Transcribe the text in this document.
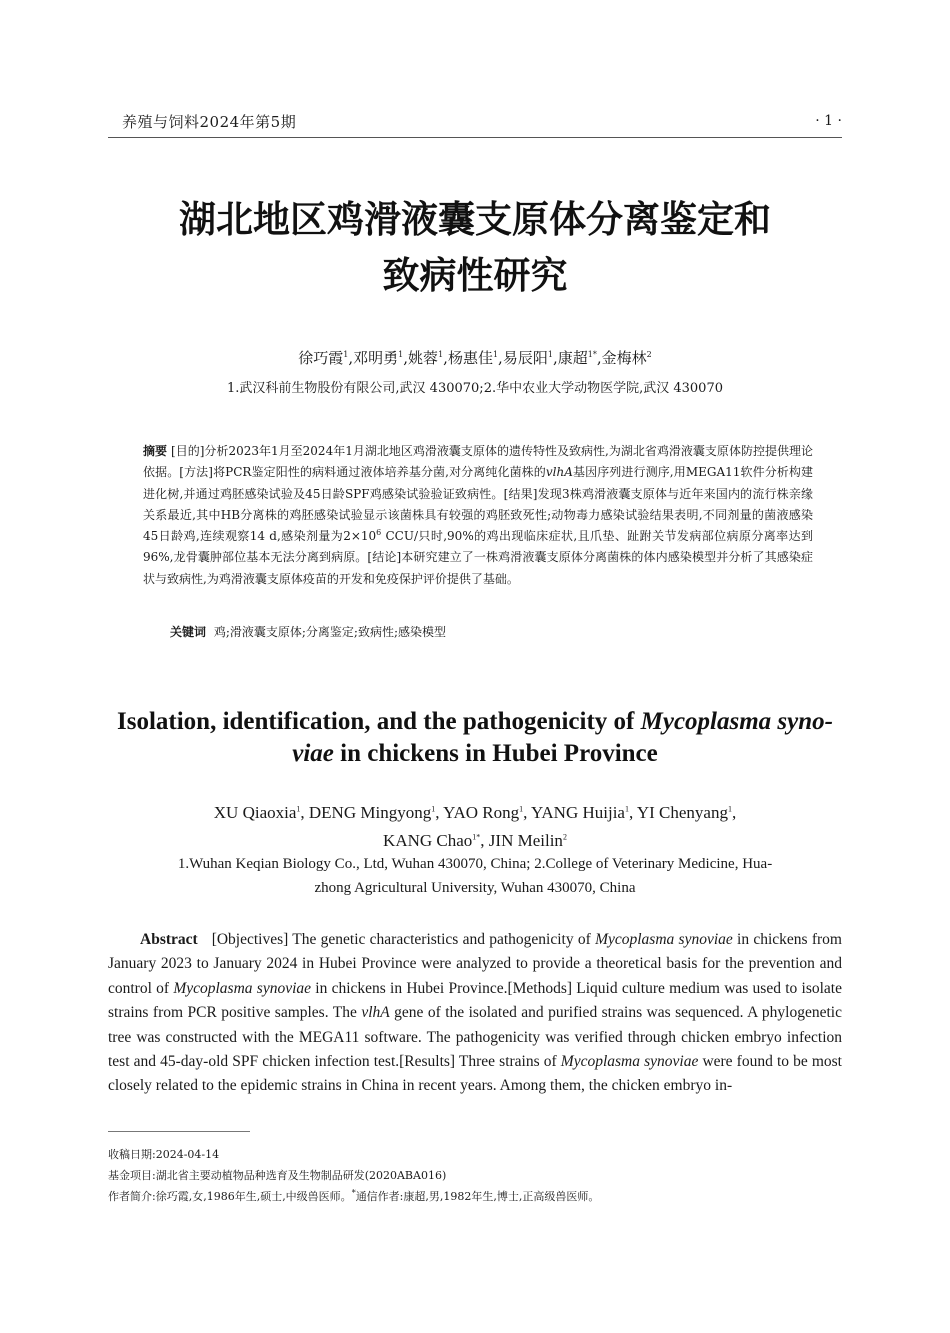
养殖与饲料2024年第5期	· 1 ·
湖北地区鸡滑液囊支原体分离鉴定和
致病性研究
徐巧霞$^1$,邓明勇$^1$,姚蓉$^1$,杨惠佳$^1$,易辰阳$^1$,康超$^{1*}$,金梅林$^2$
1.武汉科前生物股份有限公司,武汉 430070;2.华中农业大学动物医学院,武汉 430070
摘要 [目的]分析2023年1月至2024年1月湖北地区鸡滑液囊支原体的遗传特性及致病性,为湖北省鸡滑液囊支原体防控提供理论依据。[方法]将PCR鉴定阳性的病料通过液体培养基分菌,对分离纯化菌株的vlhA基因序列进行测序,用MEGA11软件分析构建进化树,并通过鸡胚感染试验及45日龄SPF鸡感染试验验证致病性。[结果]发现3株鸡滑液囊支原体与近年来国内的流行株亲缘关系最近,其中HB分离株的鸡胚感染试验显示该菌株具有较强的鸡胚致死性;动物毒力感染试验结果表明,不同剂量的菌液感染45日龄鸡,连续观察14 d,感染剂量为$2\times 10^6$ CCU/只时,90%的鸡出现临床症状,且爪垫、趾跗关节发病部位病原分离率达到96%,龙骨囊肿部位基本无法分离到病原。[结论]本研究建立了一株鸡滑液囊支原体分离菌株的体内感染模型并分析了其感染症状与致病性,为鸡滑液囊支原体疫苗的开发和免疫保护评价提供了基础。
关键词 鸡;滑液囊支原体;分离鉴定;致病性;感染模型
Isolation, identification, and the pathogenicity of Mycoplasma syno-
viae in chickens in Hubei Province
XU Qiaoxia$^1$, DENG Mingyong$^1$, YAO Rong$^1$, YANG Huijia$^1$, YI Chenyang$^1$,
KANG Chao$^{1*}$, JIN Meilin$^2$
1.Wuhan Keqian Biology Co., Ltd, Wuhan 430070, China; 2.College of Veterinary Medicine, Hua-
zhong Agricultural University, Wuhan 430070, China
Abstract [Objectives] The genetic characteristics and pathogenicity of Mycoplasma synoviae in chickens from January 2023 to January 2024 in Hubei Province were analyzed to provide a theoretical basis for the prevention and control of Mycoplasma synoviae in chickens in Hubei Province.[Methods] Liquid culture medium was used to isolate strains from PCR positive samples. The vlhA gene of the isolated and purified strains was sequenced. A phylogenetic tree was constructed with the MEGA11 software. The pathogenicity was verified through chicken embryo infection test and 45-day-old SPF chicken infection test.[Results] Three strains of Mycoplasma synoviae were found to be most closely related to the epidemic strains in China in recent years. Among them, the chicken embryo in-
收稿日期:2024-04-14
基金项目:湖北省主要动植物品种选育及生物制品研发(2020ABA016)
作者简介:徐巧霞,女,1986年生,硕士,中级兽医师。*通信作者:康超,男,1982年生,博士,正高级兽医师。
